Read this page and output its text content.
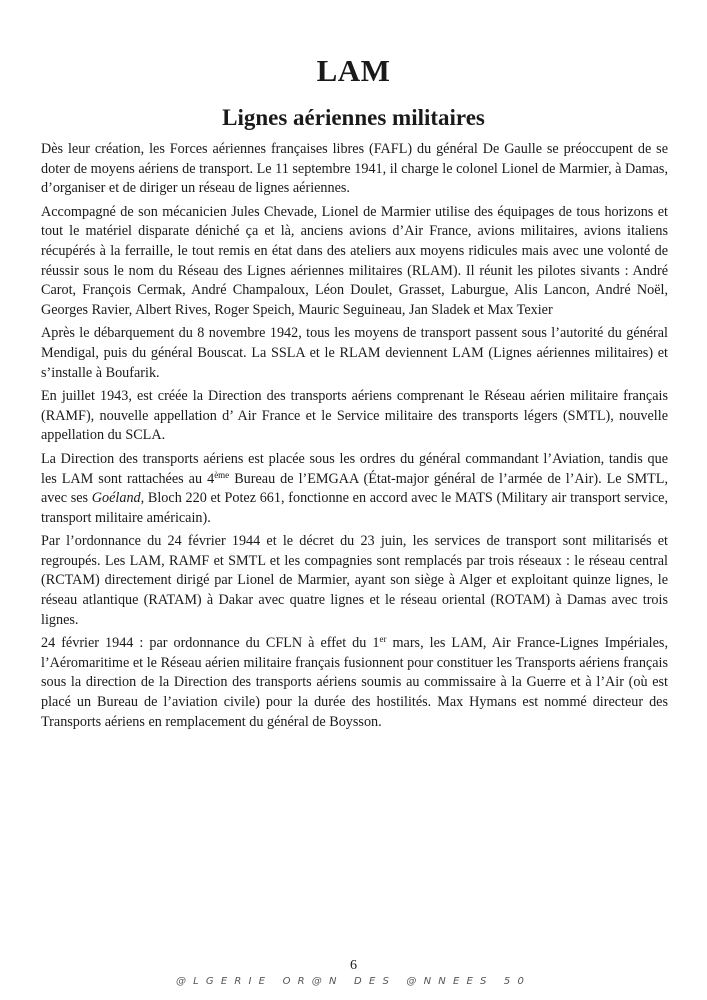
LAM
Lignes aériennes militaires

Dès leur création, les Forces aériennes françaises libres (FAFL) du général De Gaulle se préoccupent de se doter de moyens aériens de transport. Le 11 septembre 1941, il charge le colonel Lionel de Marmier, à Damas, d’organiser et de diriger un réseau de lignes aériennes.

Accompagné de son mécanicien Jules Chevade, Lionel de Marmier utilise des équipages de tous horizons et tout le matériel disparate déniché ça et là, anciens avions d’Air France, avions militaires, avions italiens récupérés à la ferraille, le tout remis en état dans des ateliers aux moyens ridicules mais avec une volonté de réussir sous le nom du Réseau des Lignes aériennes militaires (RLAM). Il réunit les pilotes sivants : André Carot, François Cermak, André Champaloux, Léon Doulet, Grasset, Laburgue, Alis Lancon, André Noël, Georges Ravier, Albert Rives, Roger Speich, Mauric Seguineau, Jan Sladek et Max Texier

Après le débarquement du 8 novembre 1942, tous les moyens de transport passent sous l’autorité du général Mendigal, puis du général Bouscat. La SSLA et le RLAM deviennent LAM (Lignes aériennes militaires) et s’installe à Boufarik.

En juillet 1943, est créée la Direction des transports aériens comprenant le Réseau aérien militaire français (RAMF), nouvelle appellation d’ Air France et le Service militaire des transports légers (SMTL), nouvelle appellation du SCLA.

La Direction des transports aériens est placée sous les ordres du général commandant l’Aviation, tandis que les LAM sont rattachées au 4ème Bureau de l’EMGAA (État-major général de l’armée de l’Air). Le SMTL, avec ses Goéland, Bloch 220 et Potez 661, fonctionne en accord avec le MATS (Military air transport service, transport militaire américain).

Par l’ordonnance du 24 février 1944 et le décret du 23 juin, les services de transport sont militarisés et regroupés. Les LAM, RAMF et SMTL et les compagnies sont remplacés par trois réseaux : le réseau central (RCTAM) directement dirigé par Lionel de Marmier, ayant son siège à Alger et exploitant quinze lignes, le réseau atlantique (RATAM) à Dakar avec quatre lignes et le réseau oriental (ROTAM) à Damas avec trois lignes.

24 février 1944 : par ordonnance du CFLN à effet du 1er mars, les LAM, Air France-Lignes Impériales, l’Aéromaritime et le Réseau aérien militaire français fusionnent pour constituer les Transports aériens français sous la direction de la Direction des transports aériens soumis au commissaire à la Guerre et à l’Air (où est placé un Bureau de l’aviation civile) pour la durée des hostilités. Max Hymans est nommé directeur des Transports aériens en remplacement du général de Boysson.

6
@LGERIE OR@N DES @NNEES 50
